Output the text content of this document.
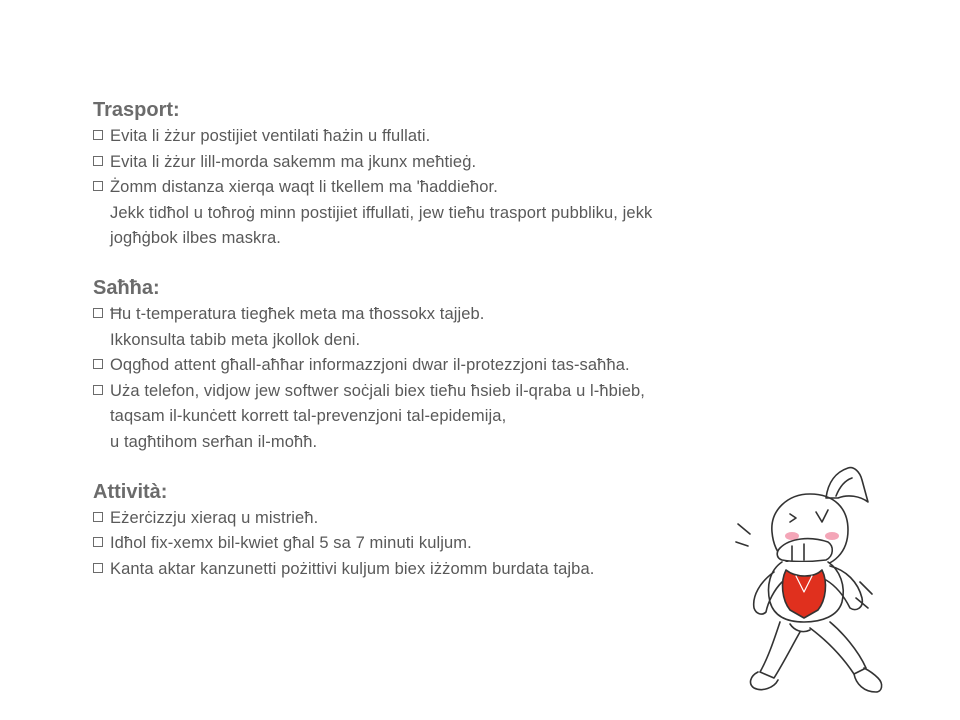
Trasport:
Evita li żżur postijiet ventilati ħażin u ffullati.
Evita li żżur lill-morda sakemm ma jkunx meħtieġ.
Żomm distanza xierqa waqt li tkellem ma 'ħaddieħor.
Jekk tidħol u toħroġ minn postijiet iffullati, jew tieħu trasport pubbliku, jekk
jogħġbok ilbes maskra.
Saħħa:
Ħu t-temperatura tiegħek meta ma tħossokx tajjeb.
Ikkonsulta tabib meta jkollok deni.
Oqgħod attent għall-aħħar informazzjoni dwar il-protezzjoni tas-saħħa.
Uża telefon, vidjow jew softwer soċjali biex tieħu ħsieb il-qraba u l-ħbieb,
taqsam il-kunċett korrett tal-prevenzjoni tal-epidemija,
u tagħtihom serħan il-moħħ.
Attività:
Eżerċizzju xieraq u mistrieħ.
Idħol fix-xemx bil-kwiet għal 5 sa 7 minuti kuljum.
Kanta aktar kanzunetti pożittivi kuljum biex iżżomm burdata tajba.
